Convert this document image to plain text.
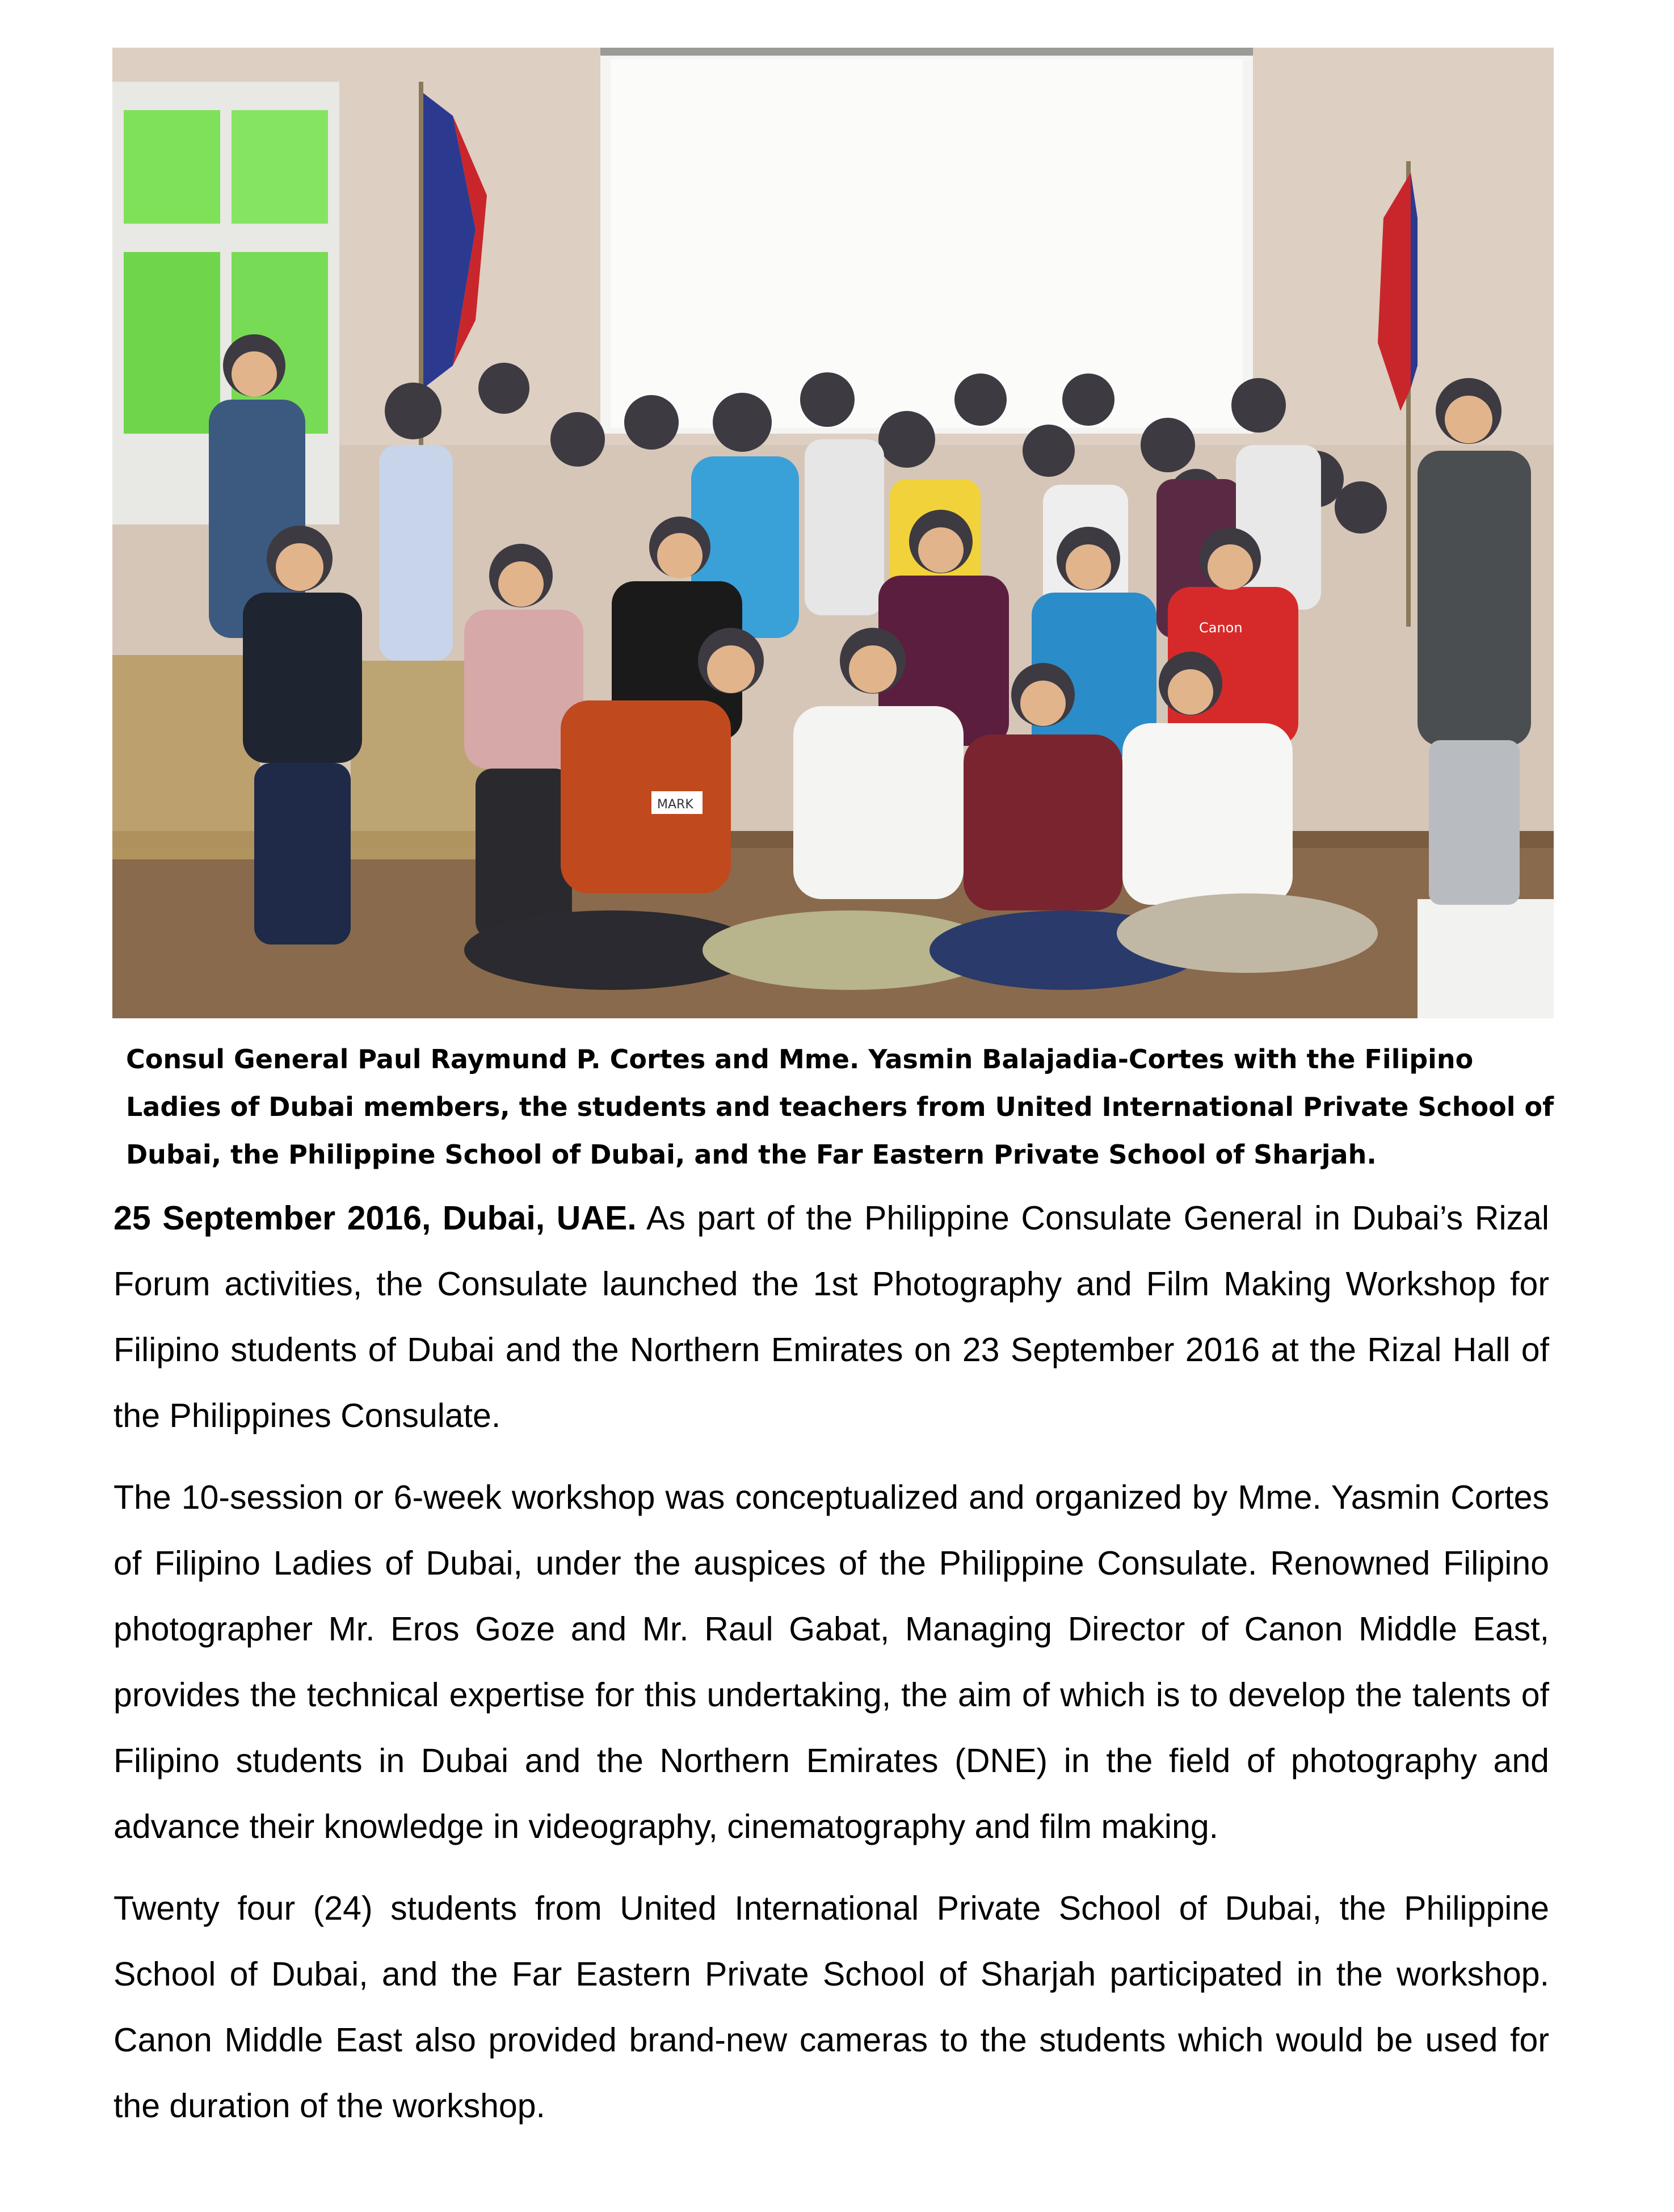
Canon
MARK

Consul General Paul Raymund P. Cortes and Mme. Yasmin Balajadia-Cortes with the Filipino

Ladies of Dubai members, the students and teachers from United International Private School of

Dubai, the Philippine School of Dubai, and the Far Eastern Private School of Sharjah.

25 September 2016, Dubai, UAE. As part of the Philippine Consulate General in Dubai’s Rizal Forum activities, the Consulate launched the 1st Photography and Film Making Workshop for Filipino students of Dubai and the Northern Emirates on 23 September 2016 at the Rizal Hall of the Philippines Consulate.

The 10-session or 6-week workshop was conceptualized and organized by Mme. Yasmin Cortes of Filipino Ladies of Dubai, under the auspices of the Philippine Consulate. Renowned Filipino photographer Mr. Eros Goze and Mr. Raul Gabat, Managing Director of Canon Middle East, provides the technical expertise for this undertaking, the aim of which is to develop the talents of Filipino students in Dubai and the Northern Emirates (DNE) in the field of photography and advance their knowledge in videography, cinematography and film making.

Twenty four (24) students from United International Private School of Dubai, the Philippine School of Dubai, and the Far Eastern Private School of Sharjah participated in the workshop. Canon Middle East also provided brand-new cameras to the students which would be used for the duration of the workshop.
